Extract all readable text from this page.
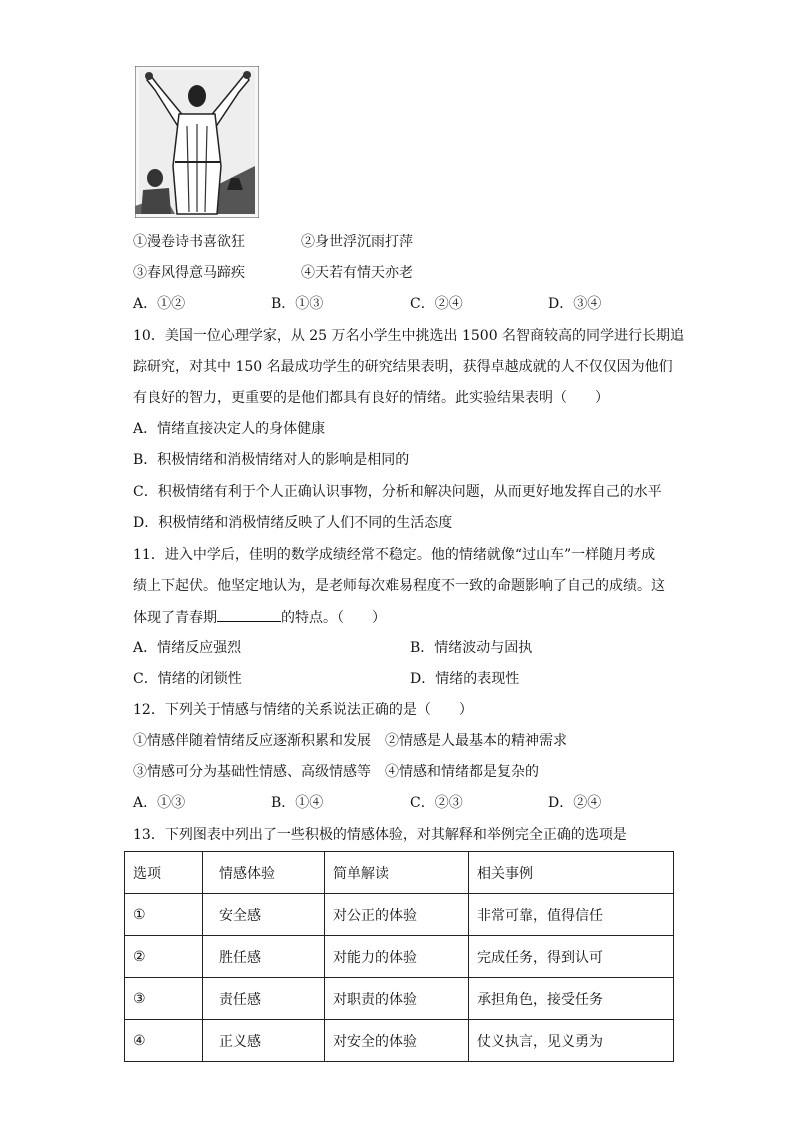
①漫卷诗书喜欲狂	②身世浮沉雨打萍
③春风得意马蹄疾	④天若有情天亦老
A．①②	B．①③	C．②④	D．③④
10．美国一位心理学家，从 25 万名小学生中挑选出 1500 名智商较高的同学进行长期追
踪研究，对其中 150 名最成功学生的研究结果表明，获得卓越成就的人不仅仅因为他们
有良好的智力，更重要的是他们都具有良好的情绪。此实验结果表明（　　）
A．情绪直接决定人的身体健康
B．积极情绪和消极情绪对人的影响是相同的
C．积极情绪有利于个人正确认识事物，分析和解决问题，从而更好地发挥自己的水平
D．积极情绪和消极情绪反映了人们不同的生活态度
11．进入中学后，佳明的数学成绩经常不稳定。他的情绪就像“过山车”一样随月考成
绩上下起伏。他坚定地认为，是老师每次难易程度不一致的命题影响了自己的成绩。这
体现了青春期	的特点。（　　）
A．情绪反应强烈	B．情绪波动与固执
C．情绪的闭锁性	D．情绪的表现性
12．下列关于情感与情绪的关系说法正确的是（　　）
①情感伴随着情绪反应逐渐积累和发展　②情感是人最基本的精神需求
③情感可分为基础性情感、高级情感等　④情感和情绪都是复杂的
A．①③	B．①④	C．②③	D．②④
13．下列图表中列出了一些积极的情感体验，对其解释和举例完全正确的选项是
选项	情感体验	简单解读	相关事例
①	安全感	对公正的体验	非常可靠，值得信任
②	胜任感	对能力的体验	完成任务，得到认可
③	责任感	对职责的体验	承担角色，接受任务
④	正义感	对安全的体验	仗义执言，见义勇为
